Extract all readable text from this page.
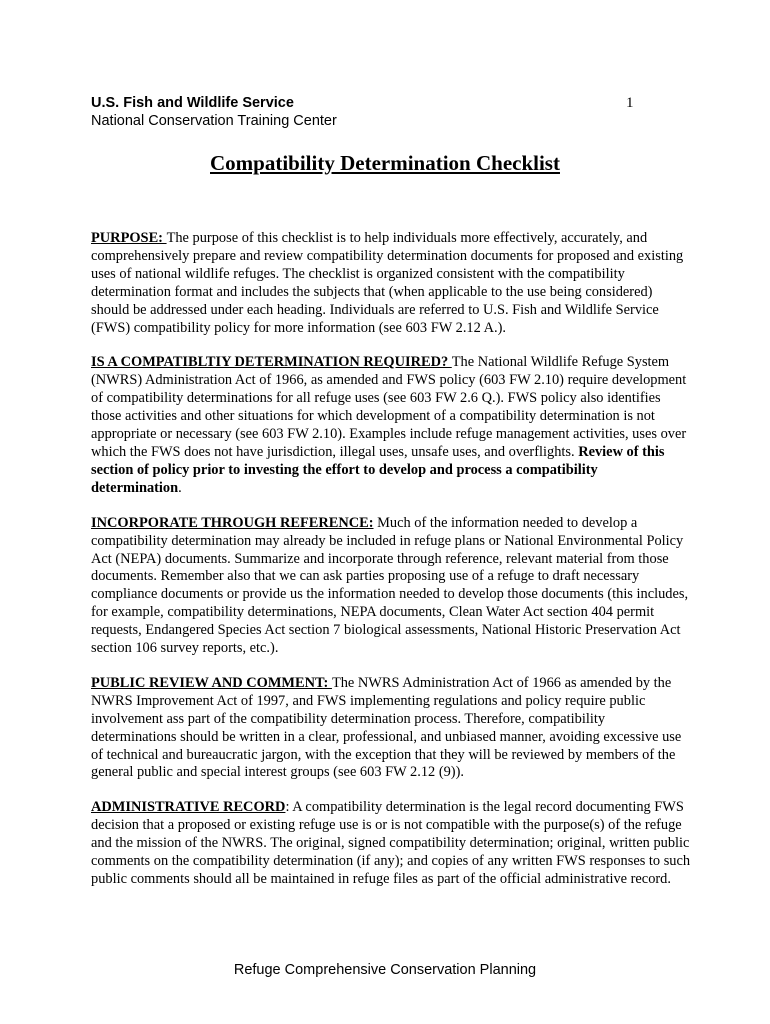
U.S. Fish and Wildlife Service
National Conservation Training Center
1
Compatibility Determination Checklist

PURPOSE: The purpose of this checklist is to help individuals more effectively, accurately, and comprehensively prepare and review compatibility determination documents for proposed and existing uses of national wildlife refuges. The checklist is organized consistent with the compatibility determination format and includes the subjects that (when applicable to the use being considered) should be addressed under each heading. Individuals are referred to U.S. Fish and Wildlife Service (FWS) compatibility policy for more information (see 603 FW 2.12 A.).

IS A COMPATIBLTIY DETERMINATION REQUIRED? The National Wildlife Refuge System (NWRS) Administration Act of 1966, as amended and FWS policy (603 FW 2.10) require development of compatibility determinations for all refuge uses (see 603 FW 2.6 Q.). FWS policy also identifies those activities and other situations for which development of a compatibility determination is not appropriate or necessary (see 603 FW 2.10). Examples include refuge management activities, uses over which the FWS does not have jurisdiction, illegal uses, unsafe uses, and overflights. Review of this section of policy prior to investing the effort to develop and process a compatibility determination.

INCORPORATE THROUGH REFERENCE: Much of the information needed to develop a compatibility determination may already be included in refuge plans or National Environmental Policy Act (NEPA) documents. Summarize and incorporate through reference, relevant material from those documents. Remember also that we can ask parties proposing use of a refuge to draft necessary compliance documents or provide us the information needed to develop those documents (this includes, for example, compatibility determinations, NEPA documents, Clean Water Act section 404 permit requests, Endangered Species Act section 7 biological assessments, National Historic Preservation Act section 106 survey reports, etc.).

PUBLIC REVIEW AND COMMENT: The NWRS Administration Act of 1966 as amended by the NWRS Improvement Act of 1997, and FWS implementing regulations and policy require public involvement ass part of the compatibility determination process. Therefore, compatibility determinations should be written in a clear, professional, and unbiased manner, avoiding excessive use of technical and bureaucratic jargon, with the exception that they will be reviewed by members of the general public and special interest groups (see 603 FW 2.12 (9)).

ADMINISTRATIVE RECORD: A compatibility determination is the legal record documenting FWS decision that a proposed or existing refuge use is or is not compatible with the purpose(s) of the refuge and the mission of the NWRS. The original, signed compatibility determination; original, written public comments on the compatibility determination (if any); and copies of any written FWS responses to such public comments should all be maintained in refuge files as part of the official administrative record.

Refuge Comprehensive Conservation Planning
